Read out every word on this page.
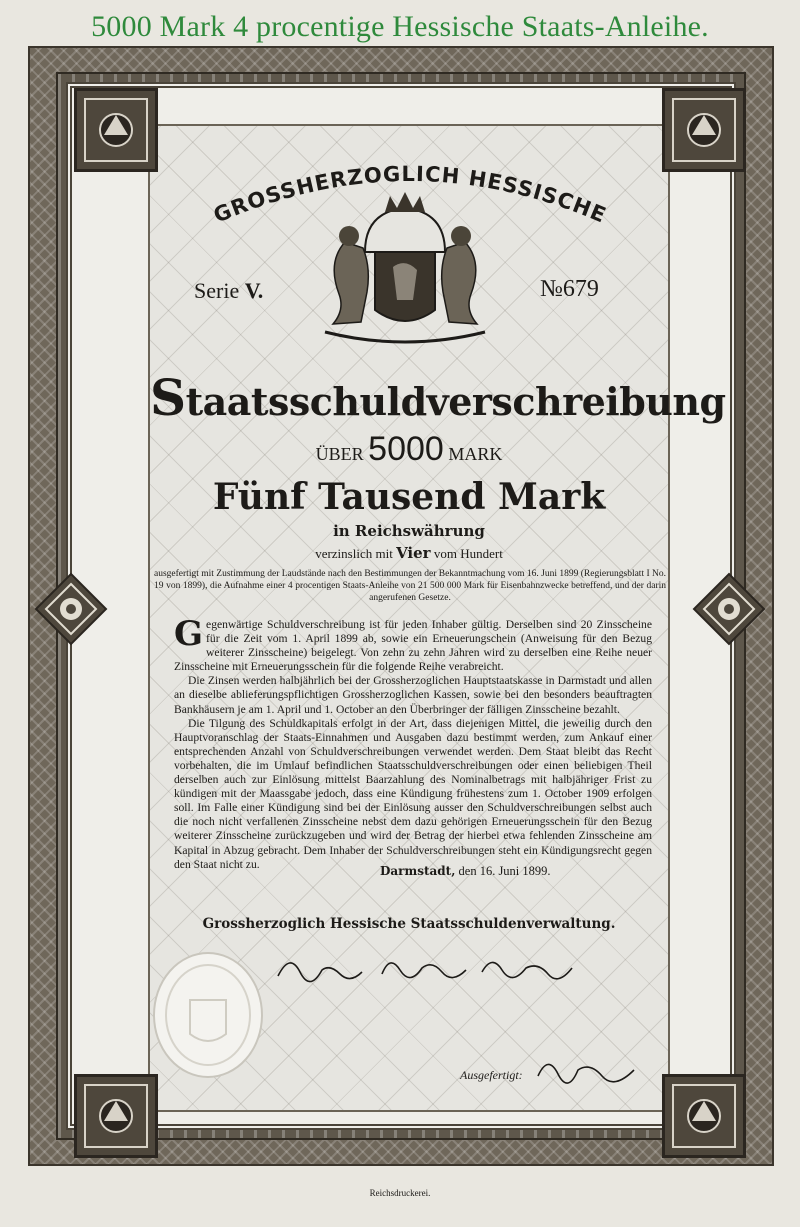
5000 Mark 4 procentige Hessische Staats-Anleihe.
GROSSHERZOGLICH HESSISCHE
Serie V.	№679
Staatsschuldverschreibung
ÜBER 5000 MARK
Fünf Tausend Mark
in Reichswährung
verzinslich mit Vier vom Hundert
ausgefertigt mit Zustimmung der Laudstände nach den Bestimmungen der Bekanntmachung vom 16. Juni 1899 (Regierungsblatt I No. 19 von 1899), die Aufnahme einer 4 procentigen Staats-Anleihe von 21 500 000 Mark für Eisenbahnzwecke betreffend, und der darin angerufenen Gesetze.

Gegenwärtige Schuldverschreibung ist für jeden Inhaber gültig. Derselben sind 20 Zinsscheine für die Zeit vom 1. April 1899 ab, sowie ein Erneuerungschein (Anweisung für den Bezug weiterer Zinsscheine) beigelegt. Von zehn zu zehn Jahren wird zu derselben eine Reihe neuer Zinsscheine mit Erneuerungsschein für die folgende Reihe verabreicht.

Die Zinsen werden halbjährlich bei der Grossherzoglichen Hauptstaatskasse in Darmstadt und allen an dieselbe ablieferungspflichtigen Grossherzoglichen Kassen, sowie bei den besonders beauftragten Bankhäusern je am 1. April und 1. October an den Überbringer der fälligen Zinsscheine bezahlt.

Die Tilgung des Schuldkapitals erfolgt in der Art, dass diejenigen Mittel, die jeweilig durch den Hauptvoranschlag der Staats-Einnahmen und Ausgaben dazu bestimmt werden, zum Ankauf einer entsprechenden Anzahl von Schuldverschreibungen verwendet werden. Dem Staat bleibt das Recht vorbehalten, die im Umlauf befindlichen Staatsschuldverschreibungen oder einen beliebigen Theil derselben auch zur Einlösung mittelst Baarzahlung des Nominalbetrags mit halbjähriger Frist zu kündigen mit der Maassgabe jedoch, dass eine Kündigung frühestens zum 1. October 1909 erfolgen soll. Im Falle einer Kündigung sind bei der Einlösung ausser den Schuldverschreibungen selbst auch die noch nicht verfallenen Zinsscheine nebst dem dazu gehörigen Erneuerungsschein für den Bezug weiterer Zinsscheine zurückzugeben und wird der Betrag der hierbei etwa fehlenden Zinsscheine am Kapital in Abzug gebracht. Dem Inhaber der Schuldverschreibungen steht ein Kündigungsrecht gegen den Staat nicht zu.	Darmstadt, den 16. Juni 1899.
Grossherzoglich Hessische Staatsschuldenverwaltung.
Ausgefertigt:
Reichsdruckerei.
